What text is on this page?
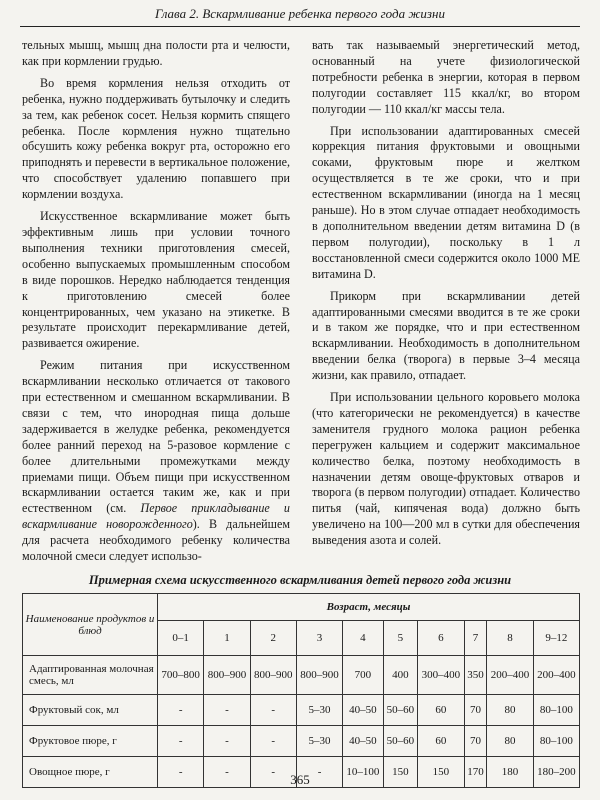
Глава 2. Вскармливание ребенка первого года жизни

тельных мышц, мышц дна полости рта и челюсти, как при кормлении грудью.

Во время кормления нельзя отходить от ребенка, нужно поддерживать бутылочку и следить за тем, как ребенок сосет. Нельзя кормить спящего ребенка. После кормления нужно тщательно обсушить кожу ребенка вокруг рта, осторожно его приподнять и перевести в вертикальное положение, что способствует удалению попавшего при кормлении воздуха.

Искусственное вскармливание может быть эффективным лишь при условии точного выполнения техники приготовления смесей, особенно выпускаемых промышленным способом в виде порошков. Нередко наблюдается тенденция к приготовлению смесей более концентрированных, чем указано на этикетке. В результате происходит перекармливание детей, развивается ожирение.

Режим питания при искусственном вскармливании несколько отличается от такового при естественном и смешанном вскармливании. В связи с тем, что инородная пища дольше задерживается в желудке ребенка, рекомендуется более ранний переход на 5-разовое кормление с более длительными промежутками между приемами пищи. Объем пищи при искусственном вскармливании остается таким же, как и при естественном (см. Первое прикладывание и вскармливание новорожденного). В дальнейшем для расчета необходимого ребенку количества молочной смеси следует использо-

вать так называемый энергетический метод, основанный на учете физиологической потребности ребенка в энергии, которая в первом полугодии составляет 115 ккал/кг, во втором полугодии — 110 ккал/кг массы тела.

При использовании адаптированных смесей коррекция питания фруктовыми и овощными соками, фруктовым пюре и желтком осуществляется в те же сроки, что и при естественном вскармливании (иногда на 1 месяц раньше). Но в этом случае отпадает необходимость в дополнительном введении детям витамина D (в первом полугодии), поскольку в 1 л восстановленной смеси содержится около 1000 МЕ витамина D.

Прикорм при вскармливании детей адаптированными смесями вводится в те же сроки и в таком же порядке, что и при естественном вскармливании. Необходимость в дополнительном введении белка (творога) в первые 3–4 месяца жизни, как правило, отпадает.

При использовании цельного коровьего молока (что категорически не рекомендуется) в качестве заменителя грудного молока рацион ребенка перегружен кальцием и содержит максимальное количество белка, поэтому необходимость в назначении детям овоще-фруктовых отваров и творога (в первом полугодии) отпадает. Количество питья (чай, кипяченая вода) должно быть увеличено на 100—200 мл в сутки для обеспечения выведения азота и солей.

Примерная схема искусственного вскармливания детей первого года жизни
Наименование продуктов и блюд	Возраст, месяцы									
	0–1	1	2	3	4	5	6	7	8	9–12
Адаптированная молочная смесь, мл	700–800	800–900	800–900	800–900	700	400	300–400	350	200–400	200–400
Фруктовый сок, мл	-	-	-	5–30	40–50	50–60	60	70	80	80–100
Фруктовое пюре, г	-	-	-	5–30	40–50	50–60	60	70	80	80–100
Овощное пюре, г	-	-	-	-	10–100	150	150	170	180	180–200
365
